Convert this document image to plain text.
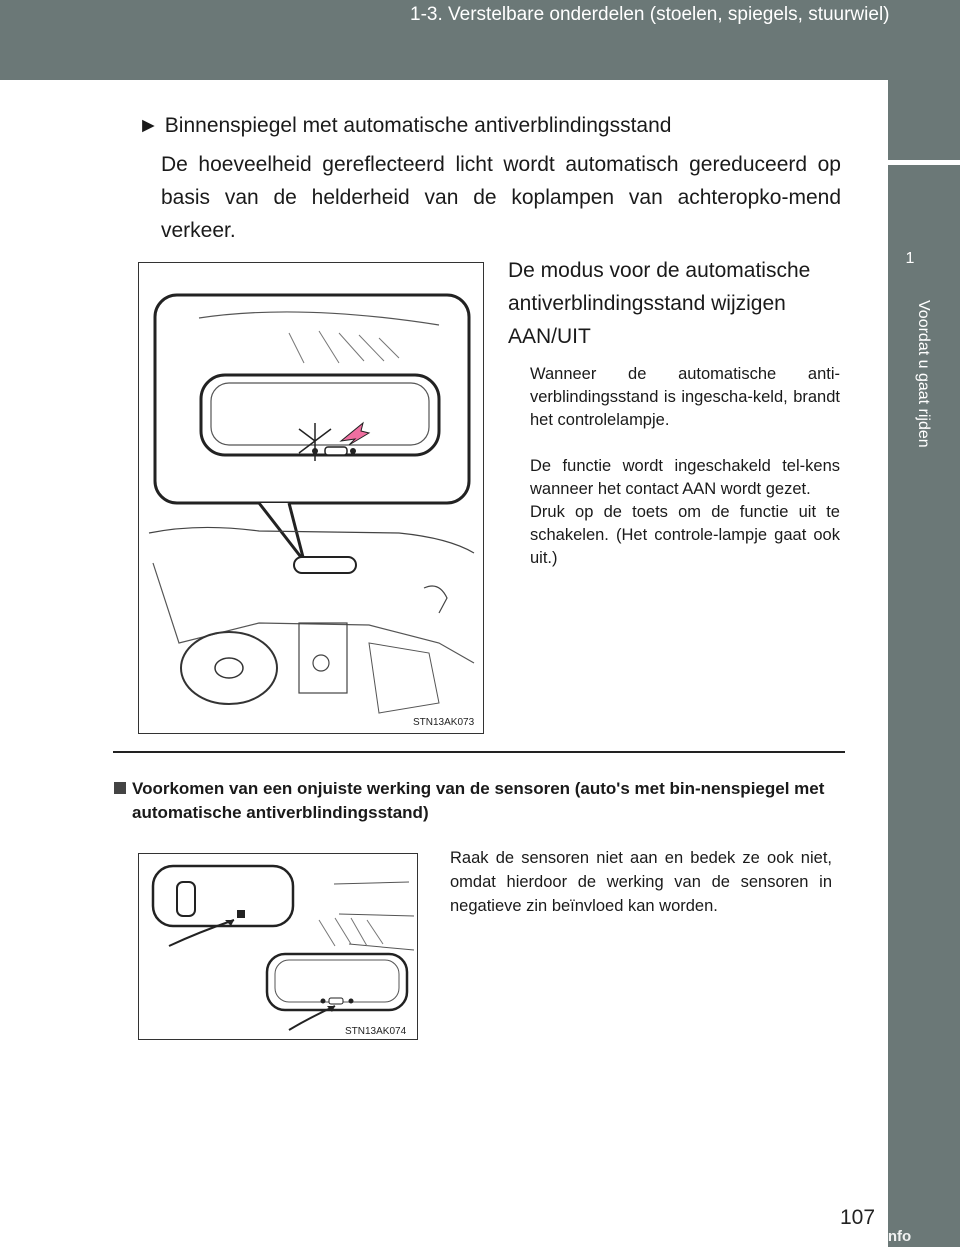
1-3. Verstelbare onderdelen (stoelen, spiegels, stuurwiel)
1
Voordat u gaat rijden
► Binnenspiegel met automatische antiverblindingsstand
De hoeveelheid gereflecteerd licht wordt automatisch gereduceerd op basis van de helderheid van de koplampen van achteropko-mend verkeer.
STN13AK073
De modus voor de automatische
antiverblindingsstand wijzigen
AAN/UIT
Wanneer de automatische anti-verblindingsstand is ingescha-keld, brandt het controlelampje.
De functie wordt ingeschakeld tel-kens wanneer het contact AAN wordt gezet.
Druk op de toets om de functie uit te schakelen. (Het controle-lampje gaat ook uit.)
Voorkomen van een onjuiste werking van de sensoren (auto's met bin-nenspiegel met automatische antiverblindingsstand)
STN13AK074
Raak de sensoren niet aan en bedek ze ook niet, omdat hierdoor de werking van de sensoren in negatieve zin beïnvloed kan worden.
107
carmanualsonline.info
